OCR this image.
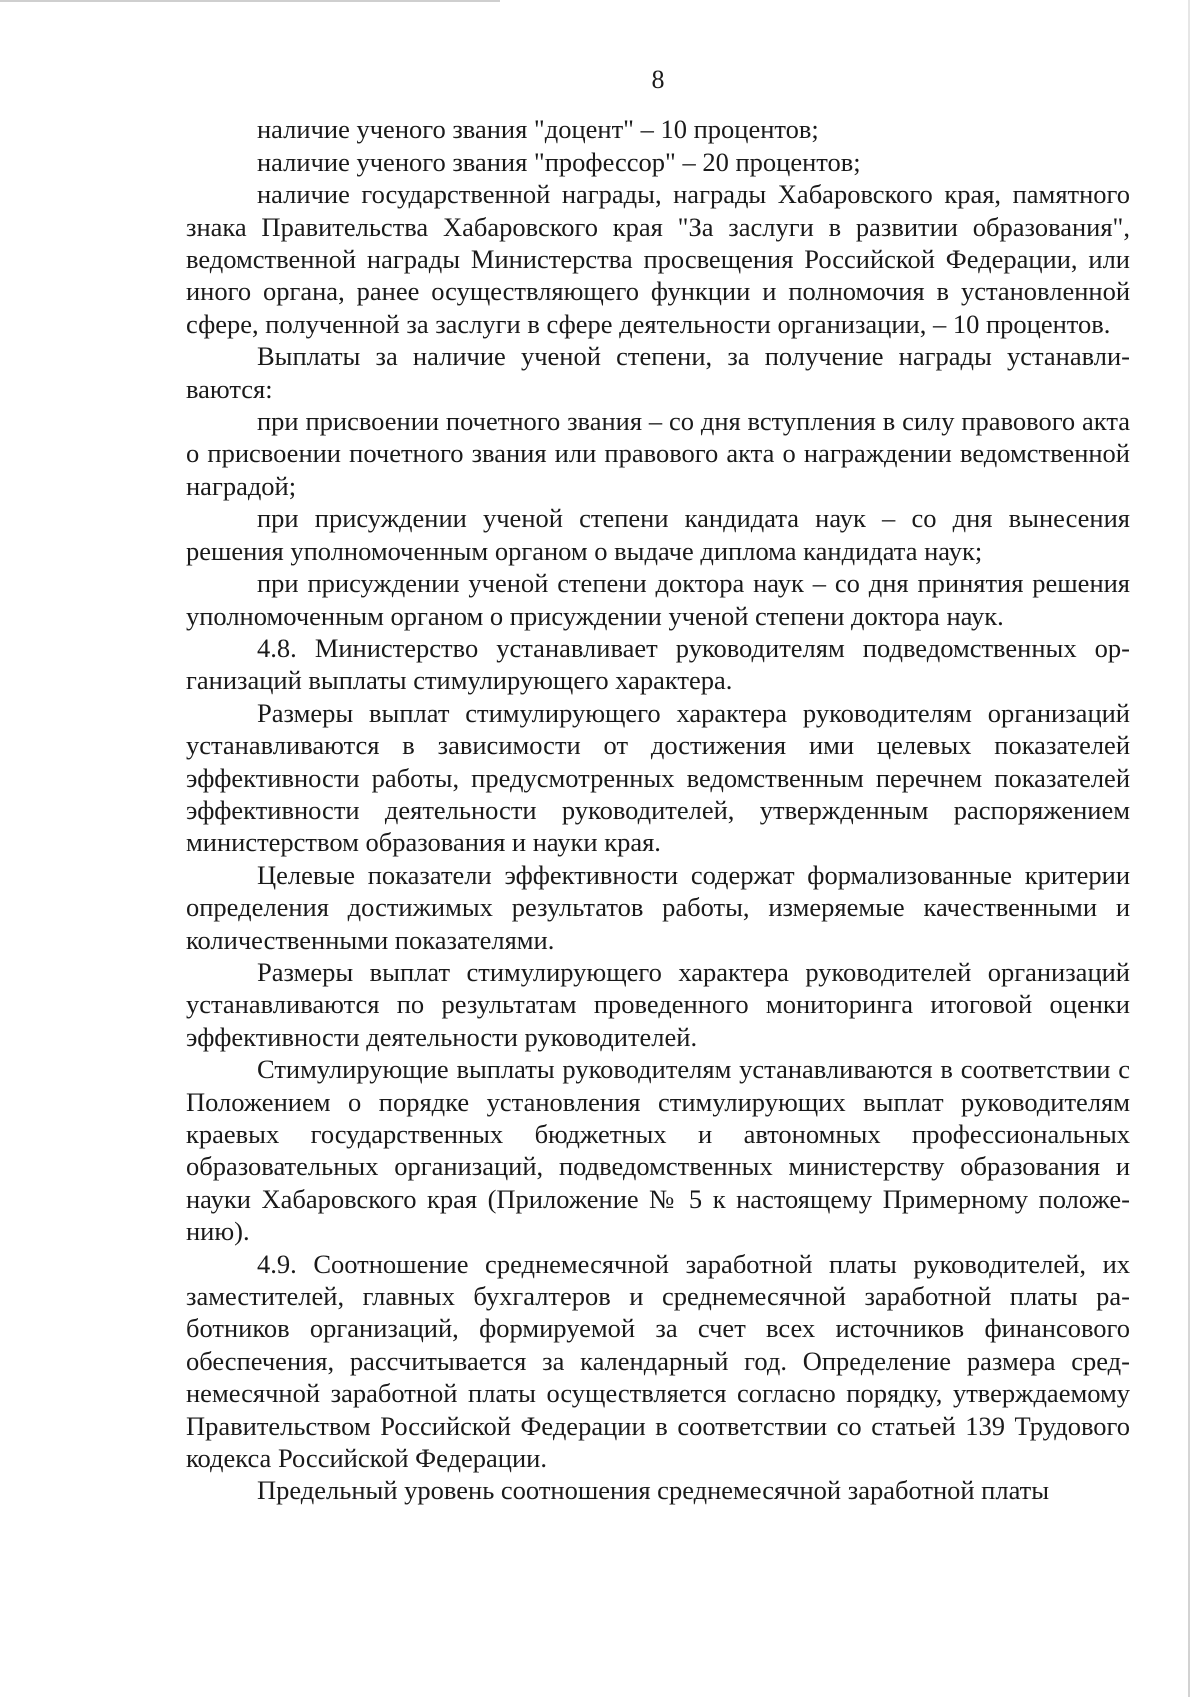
8

наличие ученого звания "доцент" – 10 процентов;

наличие ученого звания "профессор" – 20 процентов;

наличие государственной награды, награды Хабаровского края, памятного знака Правительства Хабаровского края "За заслуги в развитии образования", ведомственной награды Министерства просвещения Российской Федерации, или иного органа, ранее осуществляющего функции и полномочия в установленной сфере, полученной за заслуги в сфере деятельности организации, – 10 процентов.

Выплаты за наличие ученой степени, за получение награды устанавливаются:

при присвоении почетного звания – со дня вступления в силу правового акта о присвоении почетного звания или правового акта о награждении ведомственной наградой;

при присуждении ученой степени кандидата наук – со дня вынесения решения уполномоченным органом о выдаче диплома кандидата наук;

при присуждении ученой степени доктора наук – со дня принятия решения уполномоченным органом о присуждении ученой степени доктора наук.

4.8. Министерство устанавливает руководителям подведомственных организаций выплаты стимулирующего характера.

Размеры выплат стимулирующего характера руководителям организаций устанавливаются в зависимости от достижения ими целевых показателей эффективности работы, предусмотренных ведомственным перечнем показателей эффективности деятельности руководителей, утвержденным распоряжением министерством образования и науки края.

Целевые показатели эффективности содержат формализованные критерии определения достижимых результатов работы, измеряемые качественными и количественными показателями.

Размеры выплат стимулирующего характера руководителей организаций устанавливаются по результатам проведенного мониторинга итоговой оценки эффективности деятельности руководителей.

Стимулирующие выплаты руководителям устанавливаются в соответствии с Положением о порядке установления стимулирующих выплат руководителям краевых государственных бюджетных и автономных профессиональных образовательных организаций, подведомственных министерству образования и науки Хабаровского края (Приложение № 5 к настоящему Примерному положению).

4.9. Соотношение среднемесячной заработной платы руководителей, их заместителей, главных бухгалтеров и среднемесячной заработной платы работников организаций, формируемой за счет всех источников финансового обеспечения, рассчитывается за календарный год. Определение размера среднемесячной заработной платы осуществляется согласно порядку, утверждаемому Правительством Российской Федерации в соответствии со статьей 139 Трудового кодекса Российской Федерации.

Предельный уровень соотношения среднемесячной заработной платы
